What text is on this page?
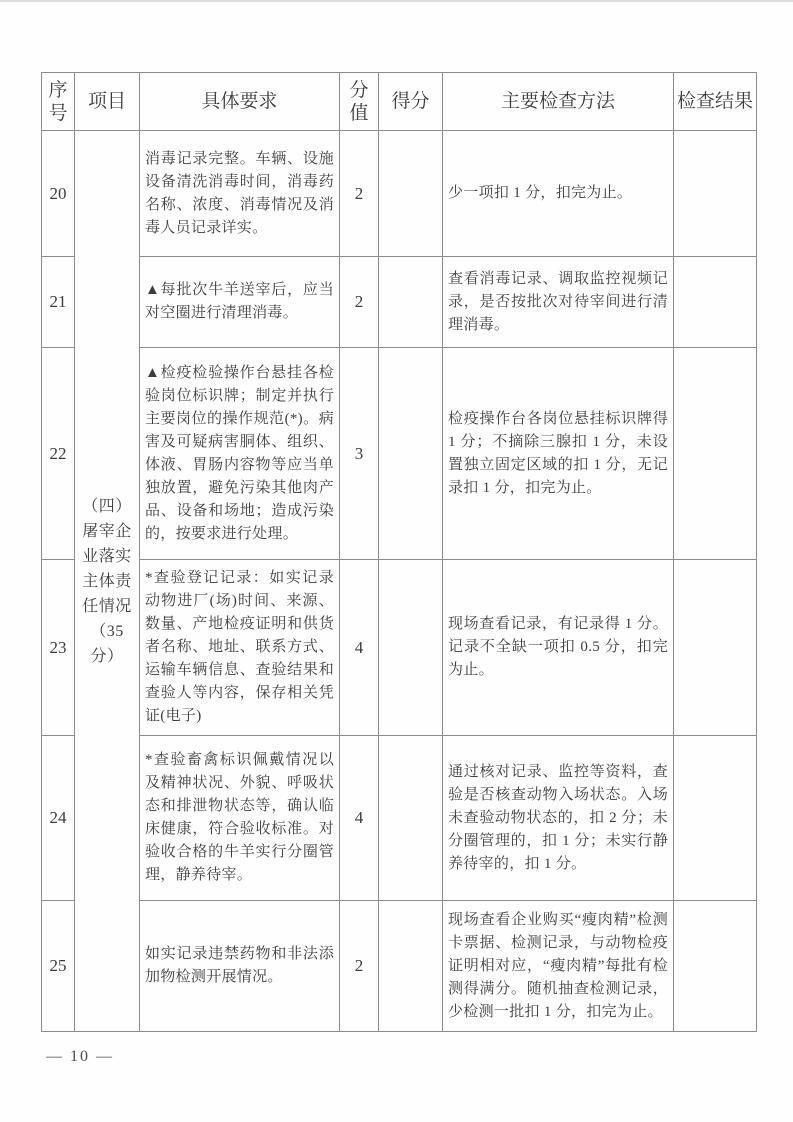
序号	项目	具体要求	分值	得分	主要检查方法	检查结果
20	（四）屠宰企业落实主体责任情况（35 分）	消毒记录完整。车辆、设施设备清洗消毒时间，消毒药名称、浓度、消毒情况及消毒人员记录详实。	2		少一项扣 1 分，扣完为止。	

21		▲每批次牛羊送宰后，应当对空圈进行清理消毒。	2		查看消毒记录、调取监控视频记录，是否按批次对待宰间进行清理消毒。	

22		▲检疫检验操作台悬挂各检验岗位标识牌；制定并执行主要岗位的操作规范(*)。病害及可疑病害胴体、组织、体液、胃肠内容物等应当单独放置，避免污染其他肉产品、设备和场地；造成污染的，按要求进行处理。	3		检疫操作台各岗位悬挂标识牌得 1 分；不摘除三腺扣 1 分，未设置独立固定区域的扣 1 分，无记录扣 1 分，扣完为止。	

23		*查验登记记录：如实记录动物进厂(场)时间、来源、数量、产地检疫证明和供货者名称、地址、联系方式、运输车辆信息、查验结果和查验人等内容，保存相关凭证(电子)	4		现场查看记录，有记录得 1 分。记录不全缺一项扣 0.5 分，扣完为止。	

24		*查验畜禽标识佩戴情况以及精神状况、外貌、呼吸状态和排泄物状态等，确认临床健康，符合验收标准。对验收合格的牛羊实行分圈管理，静养待宰。	4		通过核对记录、监控等资料，查验是否核查动物入场状态。入场未查验动物状态的，扣 2 分；未分圈管理的，扣 1 分；未实行静养待宰的，扣 1 分。	

25		如实记录违禁药物和非法添加物检测开展情况。	2		现场查看企业购买“瘦肉精”检测卡票据、检测记录，与动物检疫证明相对应，“瘦肉精”每批有检测得满分。随机抽查检测记录，少检测一批扣 1 分，扣完为止。	

— 10 —
